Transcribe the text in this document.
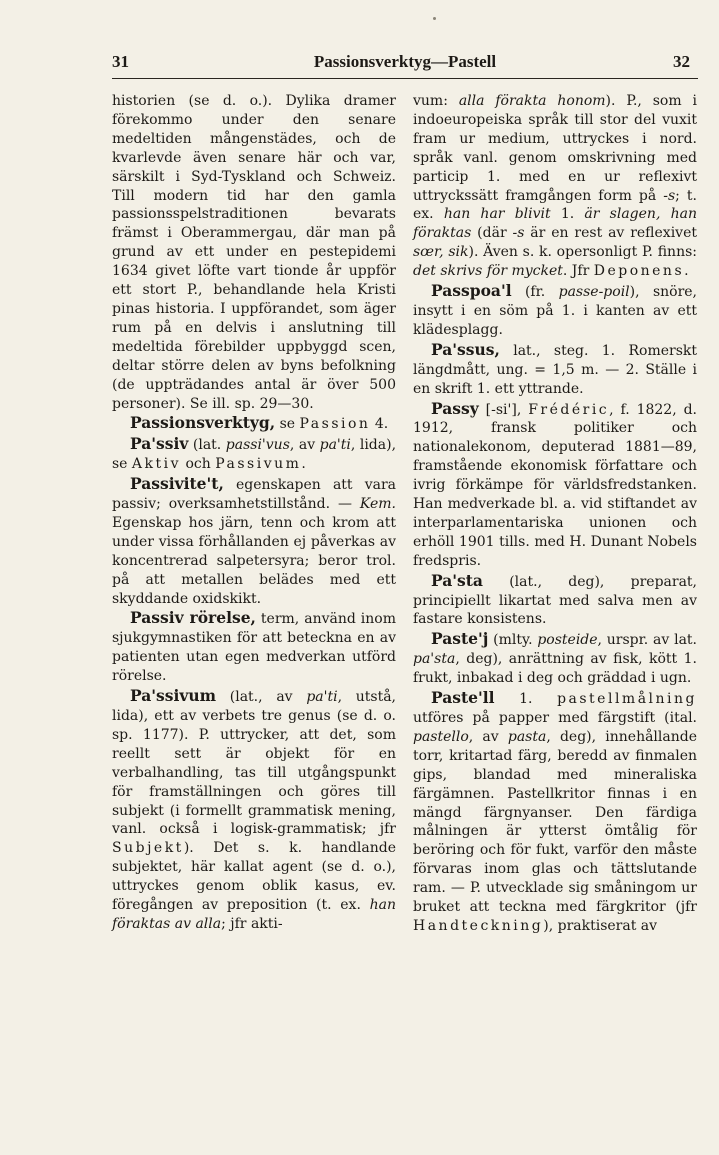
31	Passionsverktyg—Pastell	32

historien (se d. o.). Dylika dramer förekommo under den senare medeltiden mångenstädes, och de kvarlevde även senare här och var, särskilt i Syd-Tyskland och Schweiz. Till modern tid har den gamla passionsspelstraditionen bevarats främst i Oberammergau, där man på grund av ett under en pestepidemi 1634 givet löfte vart tionde år uppför ett stort P., behandlande hela Kristi pinas historia. I uppförandet, som äger rum på en delvis i anslutning till medeltida förebilder uppbyggd scen, deltar större delen av byns befolkning (de uppträdandes antal är över 500 personer). Se ill. sp. 29—30.

Passionsverktyg, se Passion 4.

Pa'ssiv (lat. passi'vus, av pa'ti, lida), se Aktiv och Passivum.

Passivite't, egenskapen att vara passiv; overksamhetstillstånd. — Kem. Egenskap hos järn, tenn och krom att under vissa förhållanden ej påverkas av koncentrerad salpetersyra; beror trol. på att metallen belädes med ett skyddande oxidskikt.

Passiv rörelse, term, använd inom sjukgymnastiken för att beteckna en av patienten utan egen medverkan utförd rörelse.

Pa'ssivum (lat., av pa'ti, utstå, lida), ett av verbets tre genus (se d. o. sp. 1177). P. uttrycker, att det, som reellt sett är objekt för en verbalhandling, tas till utgångspunkt för framställningen och göres till subjekt (i formellt grammatisk mening, vanl. också i logisk-grammatisk; jfr Subjekt). Det s. k. handlande subjektet, här kallat agent (se d. o.), uttryckes genom oblik kasus, ev. föregången av preposition (t. ex. han föraktas av alla; jfr akti-

vum: alla förakta honom). P., som i indoeuropeiska språk till stor del vuxit fram ur medium, uttryckes i nord. språk vanl. genom omskrivning med particip 1. med en ur reflexivt uttryckssätt framgången form på -s; t. ex. han har blivit 1. är slagen, han föraktas (där -s är en rest av reflexivet sœr, sik). Även s. k. opersonligt P. finns: det skrivs för mycket. Jfr Deponens.

Passpoa'l (fr. passe-poil), snöre, insytt i en söm på 1. i kanten av ett klädesplagg.

Pa'ssus, lat., steg. 1. Romerskt längdmått, ung. = 1,5 m. — 2. Ställe i en skrift 1. ett yttrande.

Passy [-si'], Frédéric, f. 1822, d. 1912, fransk politiker och nationalekonom, deputerad 1881—89, framstående ekonomisk författare och ivrig förkämpe för världsfredstanken. Han medverkade bl. a. vid stiftandet av interparlamentariska unionen och erhöll 1901 tills. med H. Dunant Nobels fredspris.

Pa'sta (lat., deg), preparat, principiellt likartat med salva men av fastare konsistens.

Paste'j (mlty. posteide, urspr. av lat. pa'sta, deg), anrättning av fisk, kött 1. frukt, inbakad i deg och gräddad i ugn.

Paste'll 1. pastellmålning utföres på papper med färgstift (ital. pastello, av pasta, deg), innehållande torr, kritartad färg, beredd av finmalen gips, blandad med mineraliska färgämnen. Pastellkritor finnas i en mängd färgnyanser. Den färdiga målningen är ytterst ömtålig för beröring och för fukt, varför den måste förvaras inom glas och tättslutande ram. — P. utvecklade sig småningom ur bruket att teckna med färgkritor (jfr Handteckning), praktiserat av
